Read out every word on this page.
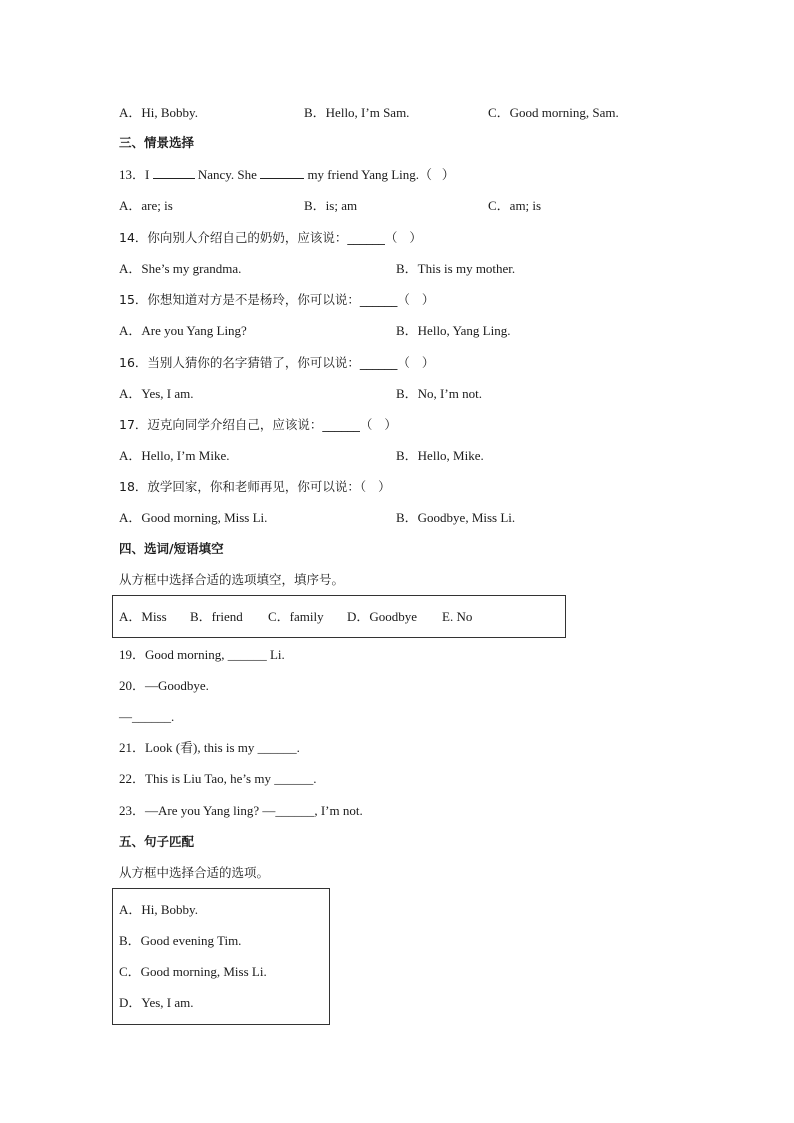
A．Hi, Bobby.	B．Hello, I’m Sam.	C．Good morning, Sam.
三、情景选择
13．I	Nancy. She	my friend Yang Ling.（   ）
A．are; is	B．is; am	C．am; is
14．你向别人介绍自己的奶奶，应该说：______（   ）
A．She’s my grandma.	B．This is my mother.
15．你想知道对方是不是杨玲，你可以说：______（   ）
A．Are you Yang Ling?	B．Hello, Yang Ling.
16．当别人猜你的名字猜错了，你可以说：______（   ）
A．Yes, I am.	B．No, I’m not.
17．迈克向同学介绍自己，应该说：______（   ）
A．Hello, I’m Mike.	B．Hello, Mike.
18．放学回家，你和老师再见，你可以说：（   ）
A．Good morning, Miss Li.	B．Goodbye, Miss Li.
四、选词/短语填空
从方框中选择合适的选项填空，填序号。
A．Miss B．friend C．family D．Goodbye E. No
19．Good morning, ______ Li.
20．—Goodbye.
—______.
21．Look (看), this is my ______.
22．This is Liu Tao, he’s my ______.
23．—Are you Yang ling? —______, I’m not.
五、句子匹配
从方框中选择合适的选项。
A．Hi, Bobby.
B．Good evening Tim.
C．Good morning, Miss Li.
D．Yes, I am.
